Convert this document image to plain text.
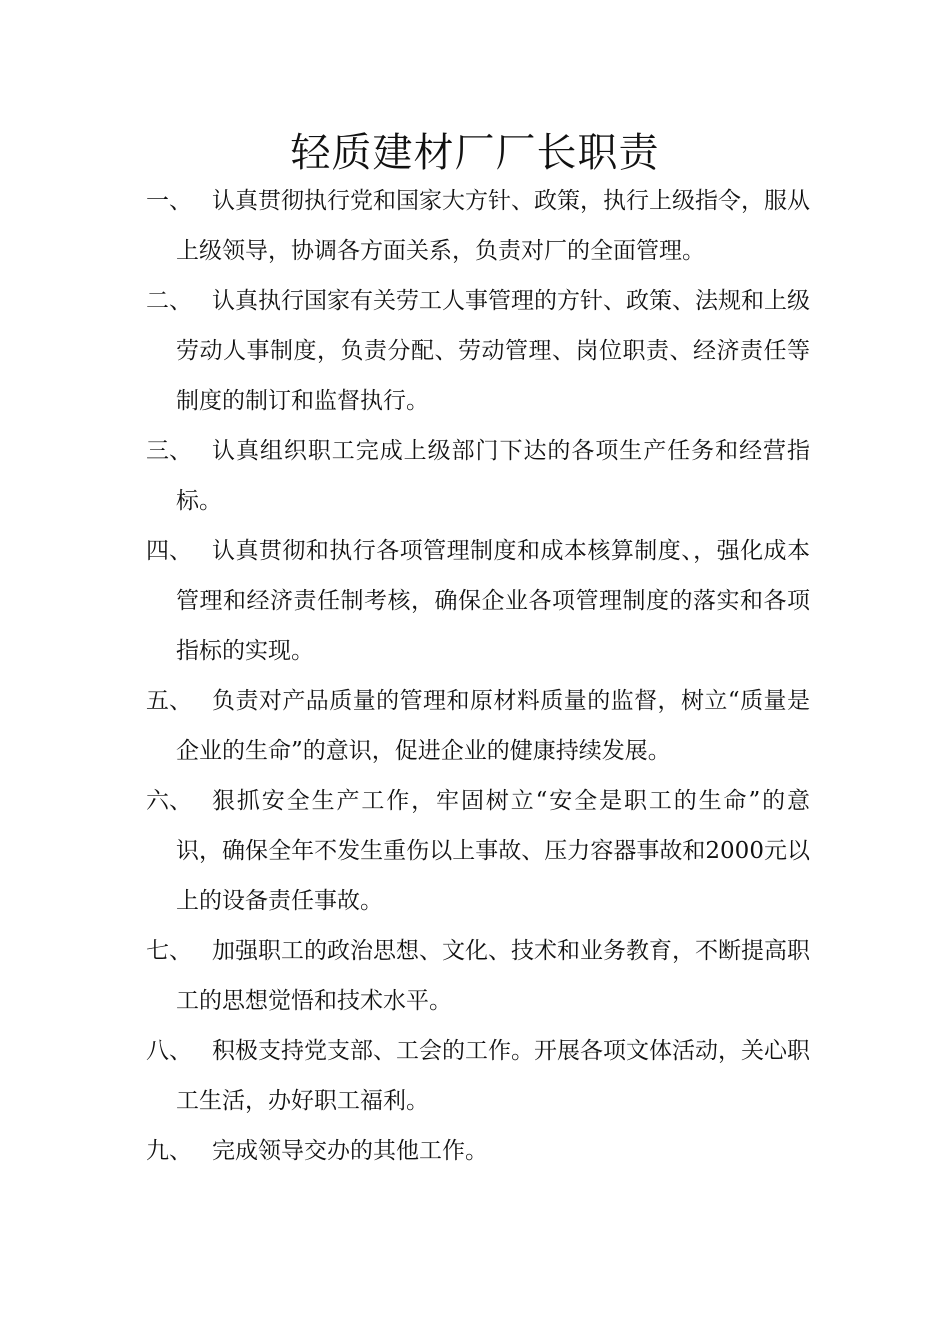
轻质建材厂厂长职责
一、 认真贯彻执行党和国家大方针、政策，执行上级指令，服从上级领导，协调各方面关系，负责对厂的全面管理。
二、 认真执行国家有关劳工人事管理的方针、政策、法规和上级劳动人事制度，负责分配、劳动管理、岗位职责、经济责任等制度的制订和监督执行。
三、 认真组织职工完成上级部门下达的各项生产任务和经营指标。
四、 认真贯彻和执行各项管理制度和成本核算制度、，强化成本管理和经济责任制考核，确保企业各项管理制度的落实和各项指标的实现。
五、 负责对产品质量的管理和原材料质量的监督，树立“质量是企业的生命”的意识，促进企业的健康持续发展。
六、 狠抓安全生产工作，牢固树立“安全是职工的生命”的意识，确保全年不发生重伤以上事故、压力容器事故和2000元以上的设备责任事故。
七、 加强职工的政治思想、文化、技术和业务教育，不断提高职工的思想觉悟和技术水平。
八、 积极支持党支部、工会的工作。开展各项文体活动，关心职工生活，办好职工福利。
九、 完成领导交办的其他工作。
